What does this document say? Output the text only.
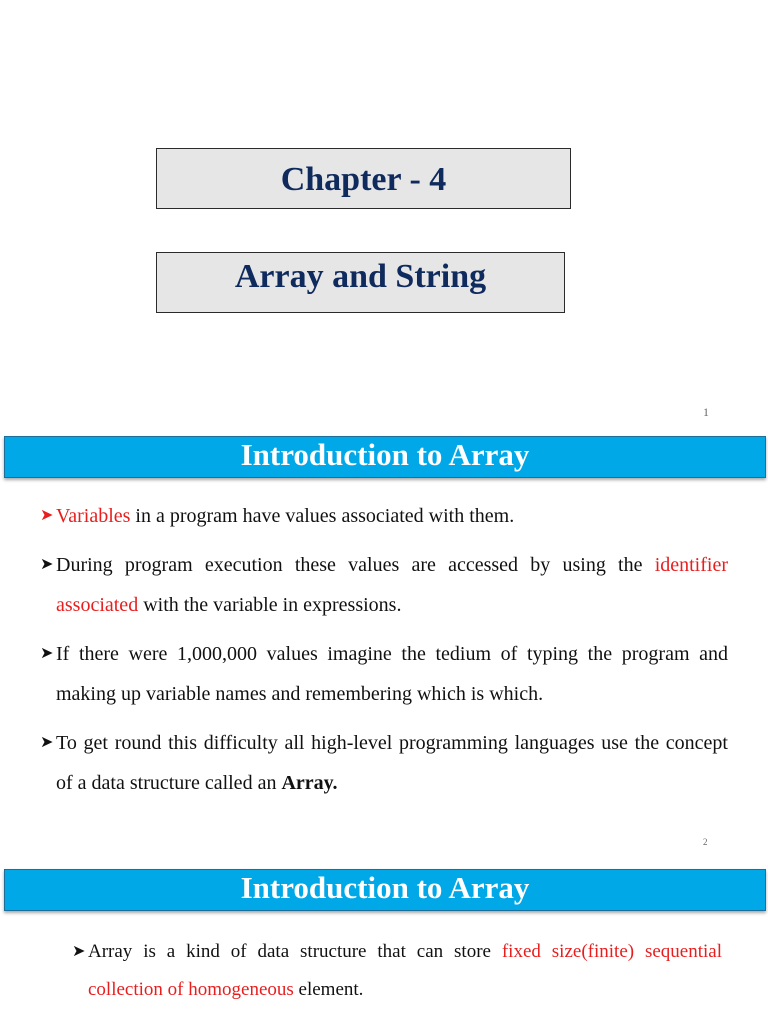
Chapter - 4
Array and String
1
Introduction to Array
➤ Variables in a program have values associated with them.
➤ During program execution these values are accessed by using the identifier associated with the variable in expressions.
➤ If there were 1,000,000 values imagine the tedium of typing the program and making up variable names and remembering which is which.
➤ To get round this difficulty all high-level programming languages use the concept of a data structure called an Array.
2
Introduction to Array
➤ Array is a kind of data structure that can store fixed size(finite) sequential collection of homogeneous element.
